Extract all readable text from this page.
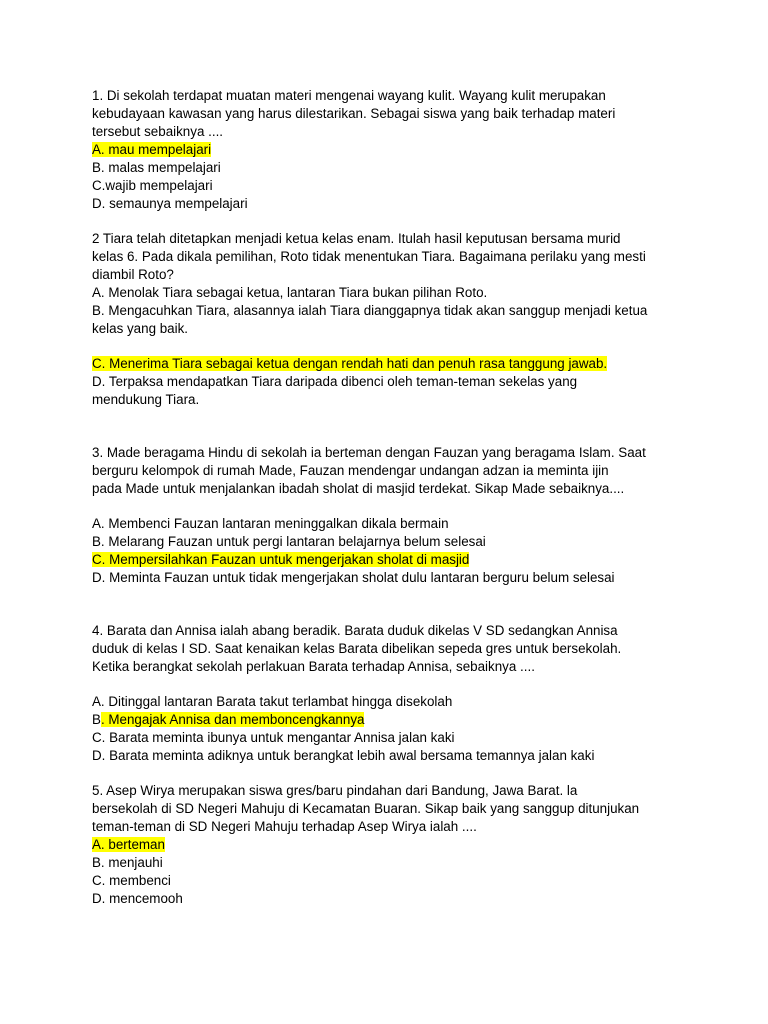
1. Di sekolah terdapat muatan materi mengenai wayang kulit. Wayang kulit merupakan
kebudayaan kawasan yang harus dilestarikan. Sebagai siswa yang baik terhadap materi
tersebut sebaiknya ....
A. mau mempelajari
B. malas mempelajari
C.wajib mempelajari
D. semaunya mempelajari
2 Tiara telah ditetapkan menjadi ketua kelas enam. Itulah hasil keputusan bersama murid
kelas 6. Pada dikala pemilihan, Roto tidak menentukan Tiara. Bagaimana perilaku yang mesti
diambil Roto?
A. Menolak Tiara sebagai ketua, lantaran Tiara bukan pilihan Roto.
B. Mengacuhkan Tiara, alasannya ialah Tiara dianggapnya tidak akan sanggup menjadi ketua
kelas yang baik.
C. Menerima Tiara sebagai ketua dengan rendah hati dan penuh rasa tanggung jawab.
D. Terpaksa mendapatkan Tiara daripada dibenci oleh teman-teman sekelas yang
mendukung Tiara.
3. Made beragama Hindu di sekolah ia berteman dengan Fauzan yang beragama Islam. Saat
berguru kelompok di rumah Made, Fauzan mendengar undangan adzan ia meminta ijin
pada Made untuk menjalankan ibadah sholat di masjid terdekat. Sikap Made sebaiknya....
A. Membenci Fauzan lantaran meninggalkan dikala bermain
B. Melarang Fauzan untuk pergi lantaran belajarnya belum selesai
C. Mempersilahkan Fauzan untuk mengerjakan sholat di masjid
D. Meminta Fauzan untuk tidak mengerjakan sholat dulu lantaran berguru belum selesai
4. Barata dan Annisa ialah abang beradik. Barata duduk dikelas V SD sedangkan Annisa
duduk di kelas I SD. Saat kenaikan kelas Barata dibelikan sepeda gres untuk bersekolah.
Ketika berangkat sekolah perlakuan Barata terhadap Annisa, sebaiknya ....
A. Ditinggal lantaran Barata takut terlambat hingga disekolah
B. Mengajak Annisa dan memboncengkannya
C. Barata meminta ibunya untuk mengantar Annisa jalan kaki
D. Barata meminta adiknya untuk berangkat lebih awal bersama temannya jalan kaki
5. Asep Wirya merupakan siswa gres/baru pindahan dari Bandung, Jawa Barat. la
bersekolah di SD Negeri Mahuju di Kecamatan Buaran. Sikap baik yang sanggup ditunjukan
teman-teman di SD Negeri Mahuju terhadap Asep Wirya ialah ....
A. berteman
B. menjauhi
C. membenci
D. mencemooh
